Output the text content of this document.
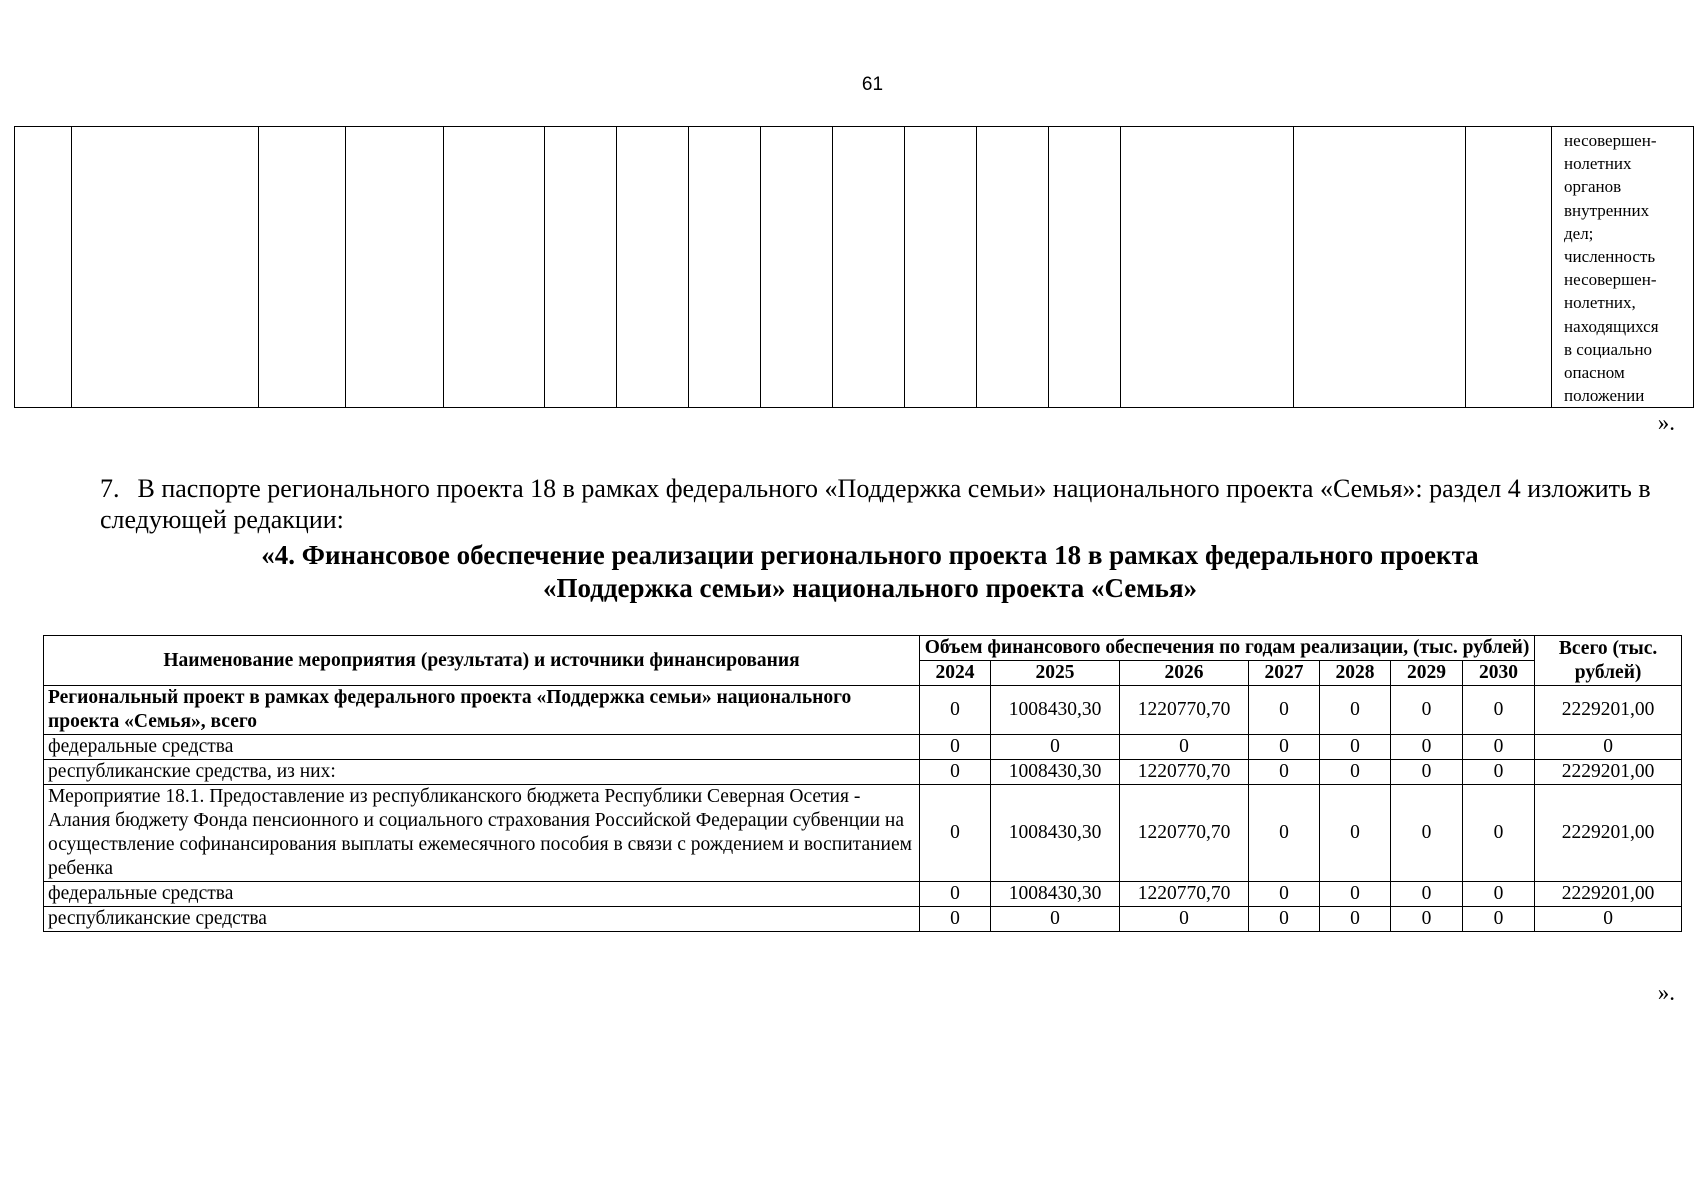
61

несовершен-
нолетних
органов
внутренних
дел;
численность
несовершен-
нолетних,
находящихся
в социально
опасном
положении
».
7. В паспорте регионального проекта 18 в рамках федерального «Поддержка семьи» национального проекта «Семья»: раздел 4 изложить в следующей редакции:
«4. Финансовое обеспечение реализации регионального проекта 18 в рамках федерального проекта
«Поддержка семьи» национального проекта «Семья»
Наименование мероприятия (результата) и источники финансирования	Объем финансового обеспечения по годам реализации, (тыс. рублей)							Всего (тыс. рублей)
	2024	2025	2026	2027	2028	2029	2030	
Региональный проект в рамках федерального проекта «Поддержка семьи» национального проекта «Семья», всего	0	1008430,30	1220770,70	0	0	0	0	2229201,00
федеральные средства	0	0	0	0	0	0	0	0
республиканские средства, из них:	0	1008430,30	1220770,70	0	0	0	0	2229201,00
Мероприятие 18.1. Предоставление из республиканского бюджета Республики Северная Осетия - Алания бюджету Фонда пенсионного и социального страхования Российской Федерации субвенции на осуществление софинансирования выплаты ежемесячного пособия в связи с рождением и воспитанием ребенка	0	1008430,30	1220770,70	0	0	0	0	2229201,00
федеральные средства	0	1008430,30	1220770,70	0	0	0	0	2229201,00
республиканские средства	0	0	0	0	0	0	0	0
».
